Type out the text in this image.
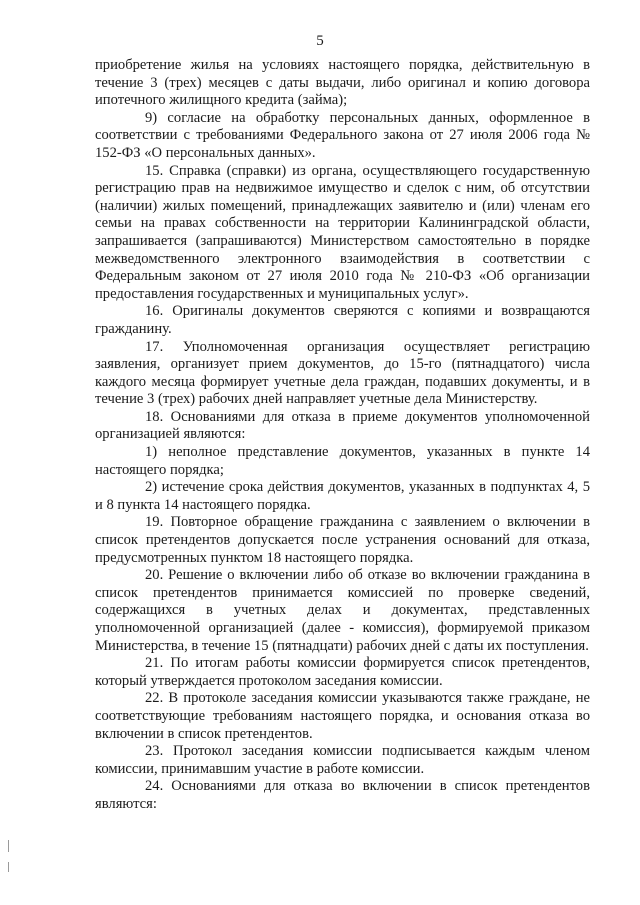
5

приобретение жилья на условиях настоящего порядка, действительную в течение 3 (трех) месяцев с даты выдачи, либо оригинал и копию договора ипотечного жилищного кредита (займа);

9) согласие на обработку персональных данных, оформленное в соответствии с требованиями Федерального закона от 27 июля 2006 года № 152-ФЗ «О персональных данных».

15. Справка (справки) из органа, осуществляющего государственную регистрацию прав на недвижимое имущество и сделок с ним, об отсутствии (наличии) жилых помещений, принадлежащих заявителю и (или) членам его семьи на правах собственности на территории Калининградской области, запрашивается (запрашиваются) Министерством самостоятельно в порядке межведомственного электронного взаимодействия в соответствии с Федеральным законом от 27 июля 2010 года № 210-ФЗ «Об организации предоставления государственных и муниципальных услуг».

16. Оригиналы документов сверяются с копиями и возвращаются гражданину.

17. Уполномоченная организация осуществляет регистрацию заявления, организует прием документов, до 15-го (пятнадцатого) числа каждого месяца формирует учетные дела граждан, подавших документы, и в течение 3 (трех) рабочих дней направляет учетные дела Министерству.

18. Основаниями для отказа в приеме документов уполномоченной организацией являются:

1) неполное представление документов, указанных в пункте 14 настоящего порядка;

2) истечение срока действия документов, указанных в подпунктах 4, 5 и 8 пункта 14 настоящего порядка.

19. Повторное обращение гражданина с заявлением о включении в список претендентов допускается после устранения оснований для отказа, предусмотренных пунктом 18 настоящего порядка.

20. Решение о включении либо об отказе во включении гражданина в список претендентов принимается комиссией по проверке сведений, содержащихся в учетных делах и документах, представленных уполномоченной организацией (далее - комиссия), формируемой приказом Министерства, в течение 15 (пятнадцати) рабочих дней с даты их поступления.

21. По итогам работы комиссии формируется список претендентов, который утверждается протоколом заседания комиссии.

22. В протоколе заседания комиссии указываются также граждане, не соответствующие требованиям настоящего порядка, и основания отказа во включении в список претендентов.

23. Протокол заседания комиссии подписывается каждым членом комиссии, принимавшим участие в работе комиссии.

24. Основаниями для отказа во включении в список претендентов являются:
